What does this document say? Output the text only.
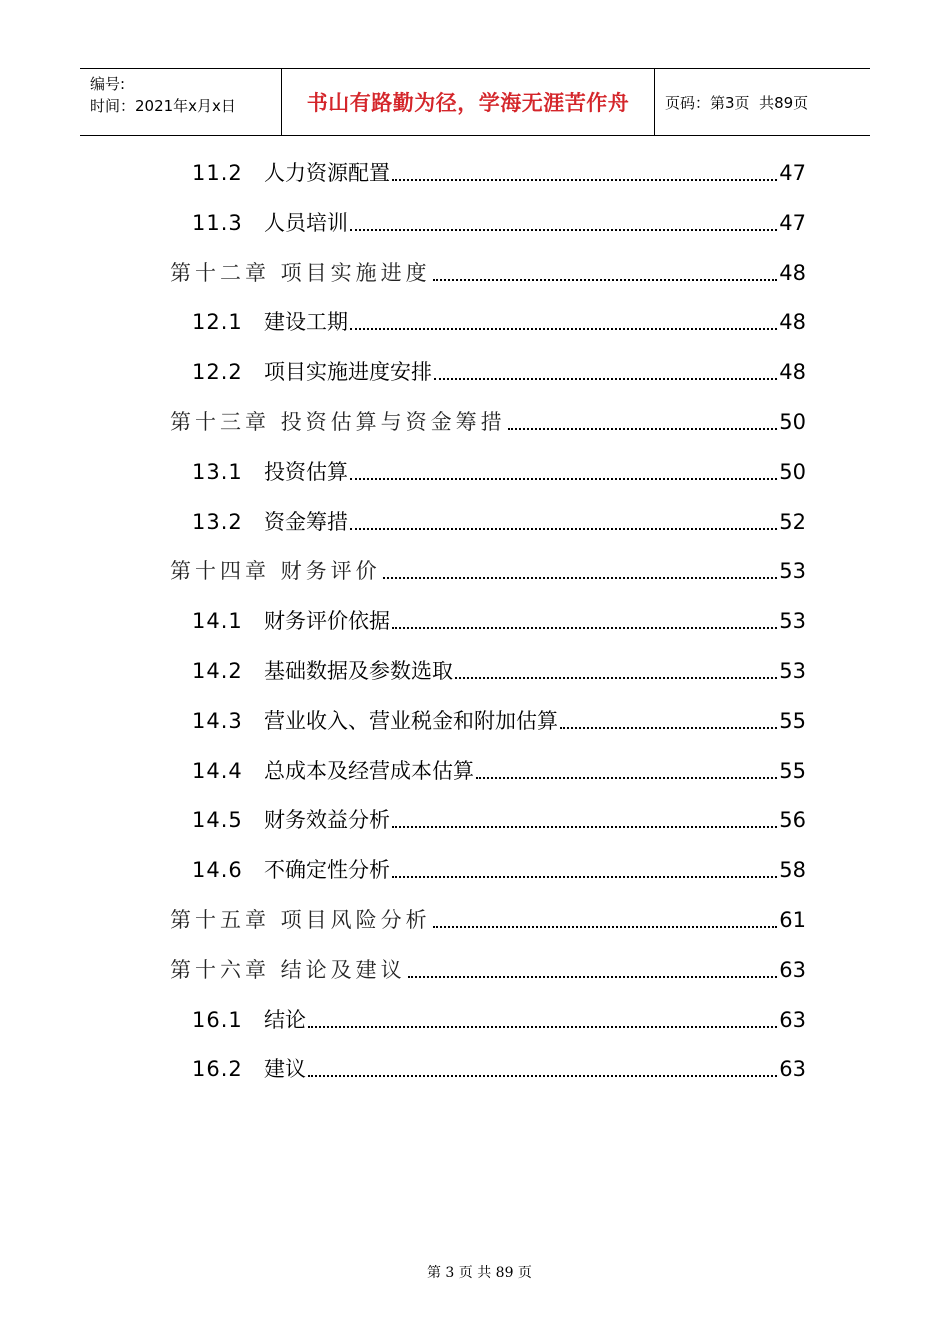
编号:
时间：2021年x月x日	书山有路勤为径，学海无涯苦作舟 页码：第3页  共89页
11.2	人力资源配置	47
11.3	人员培训	47
第十二章 项目实施进度	48
12.1	建设工期	48
12.2	项目实施进度安排	48
第十三章 投资估算与资金筹措	50
13.1	投资估算	50
13.2	资金筹措	52
第十四章 财务评价	53
14.1	财务评价依据	53
14.2	基础数据及参数选取	53
14.3	营业收入、营业税金和附加估算	55
14.4	总成本及经营成本估算	55
14.5	财务效益分析	56
14.6	不确定性分析	58
第十五章 项目风险分析	61
第十六章 结论及建议	63
16.1	结论	63
16.2	建议	63

第 3 页 共 89 页
